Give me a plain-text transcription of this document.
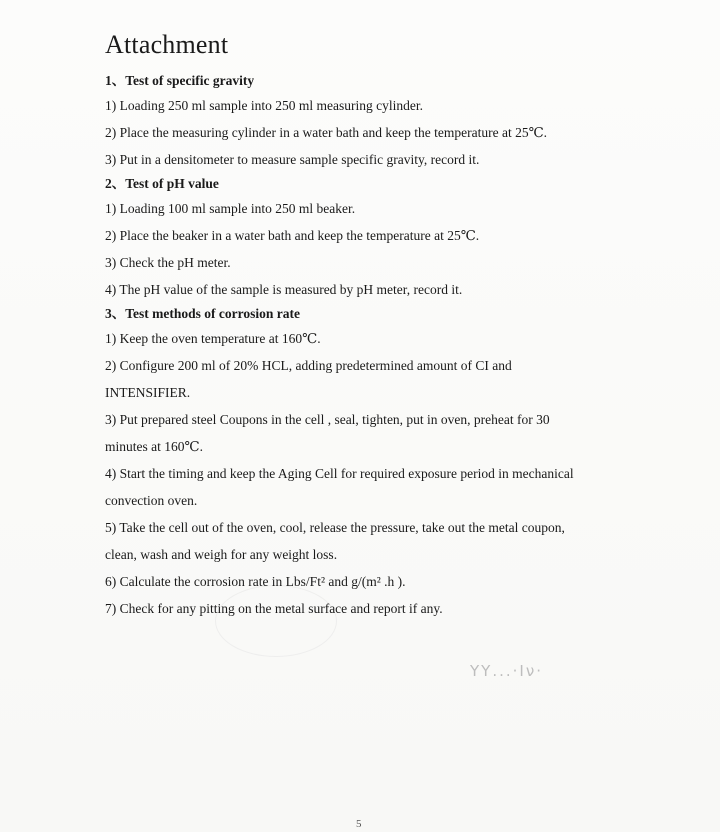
ΥΥ...·Ιν·
Attachment

1、Test of specific gravity

1) Loading 250 ml sample into 250 ml measuring cylinder.

2) Place the measuring cylinder in a water bath and keep the temperature at 25℃.

3) Put in a densitometer to measure sample specific gravity, record it.

2、Test of pH value

1) Loading 100 ml sample into 250 ml beaker.

2) Place the beaker in a water bath and keep the temperature at 25℃.

3) Check the pH meter.

4) The pH value of the sample is measured by pH meter, record it.

3、Test methods of corrosion rate

1) Keep the oven temperature at 160℃.

2) Configure 200 ml of 20% HCL, adding predetermined amount of CI and

INTENSIFIER.

3) Put prepared steel Coupons in the cell , seal, tighten, put in oven, preheat for 30

minutes at 160℃.

4) Start the timing and keep the Aging Cell for required exposure period in mechanical

convection oven.

5) Take the cell out of the oven, cool, release the pressure, take out the metal coupon,

clean, wash and weigh for any weight loss.

6) Calculate the corrosion rate in Lbs/Ft² and g/(m² .h ).

7) Check for any pitting on the metal surface and report if any.

5
